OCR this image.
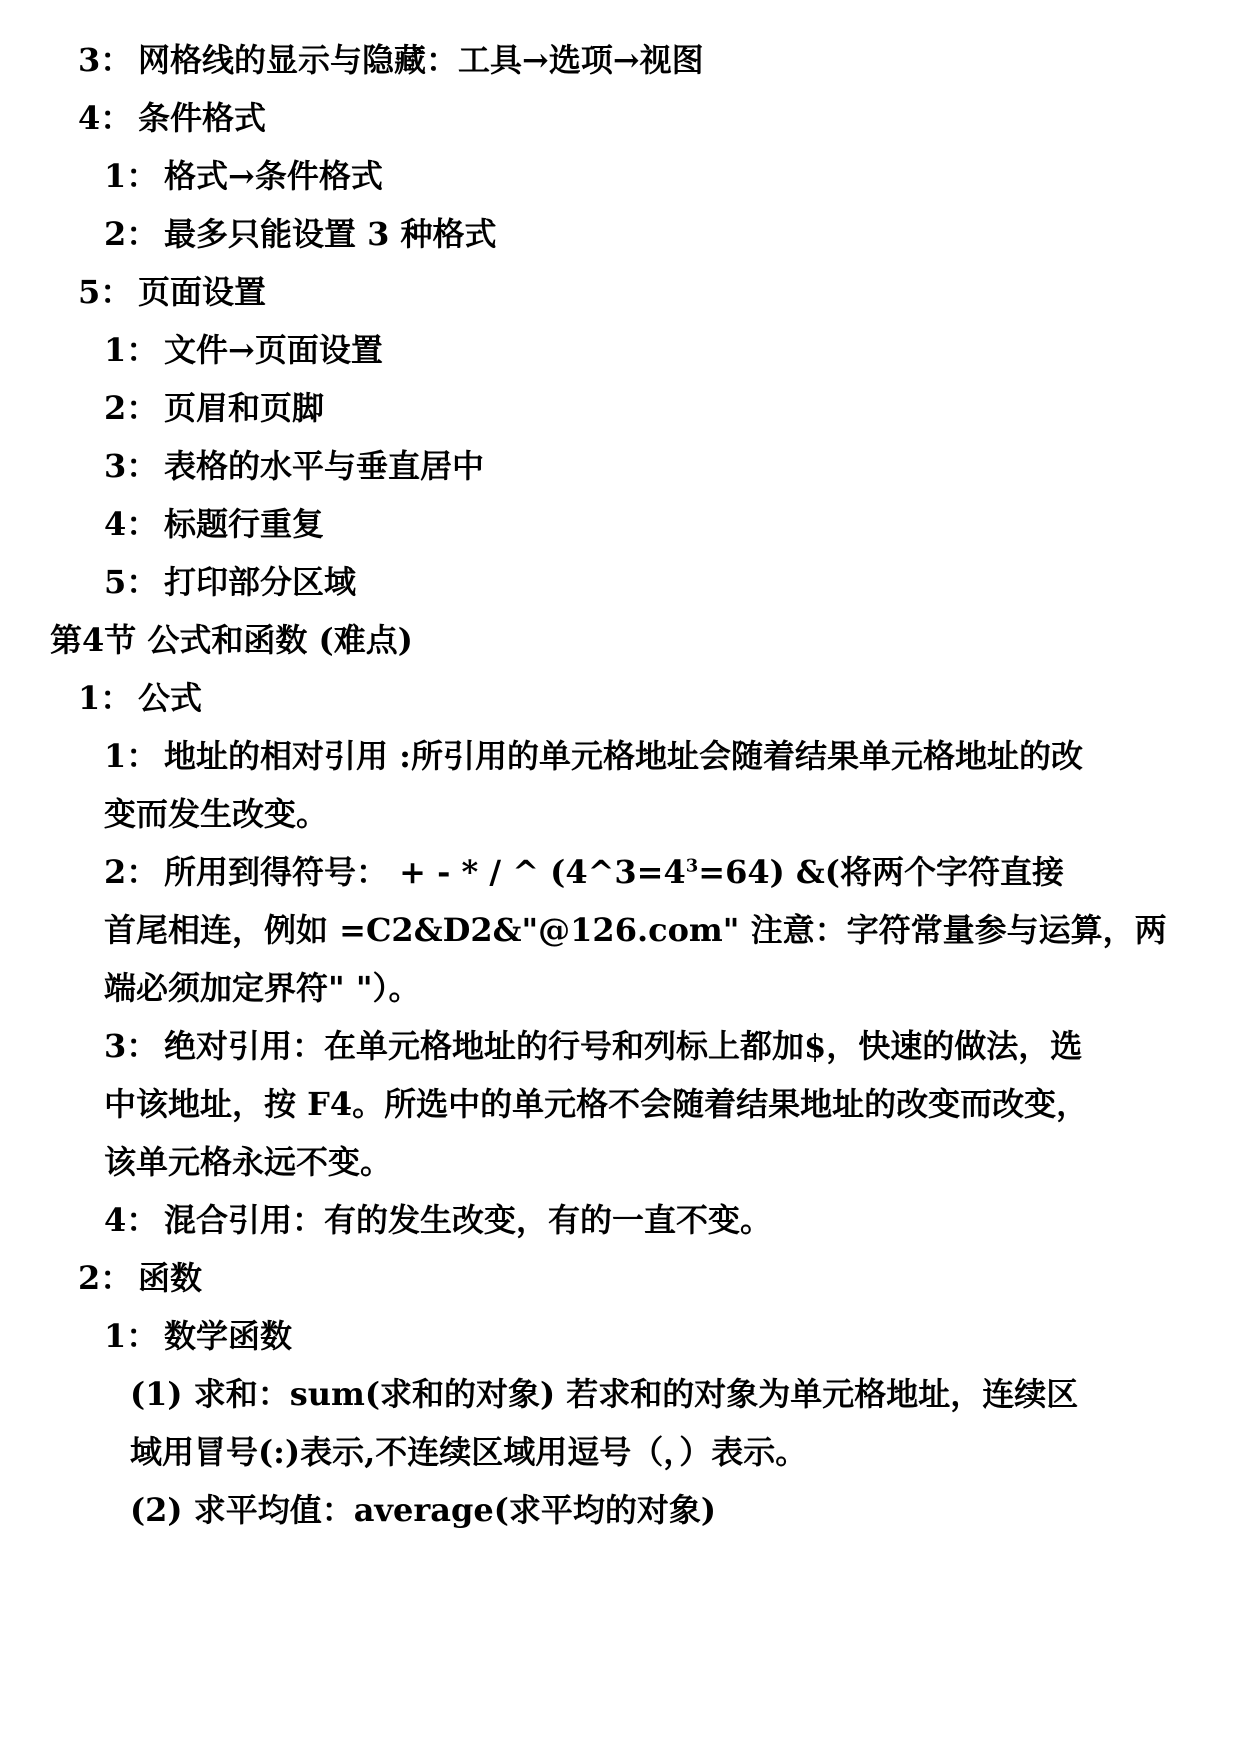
3： 网格线的显示与隐藏：工具→选项→视图
4： 条件格式
1： 格式→条件格式
2： 最多只能设置 3 种格式
5： 页面设置
1： 文件→页面设置
2： 页眉和页脚
3： 表格的水平与垂直居中
4： 标题行重复
5： 打印部分区域
第4节 公式和函数 (难点)
1： 公式
1： 地址的相对引用 :所引用的单元格地址会随着结果单元格地址的改
变而发生改变。
2： 所用到得符号： + - * / ^ $(4\^{}3=4^3=64)$ &(将两个字符直接
首尾相连，例如 =C2&D2&"@126.com" 注意：字符常量参与运算，两
端必须加定界符" "）。
3： 绝对引用：在单元格地址的行号和列标上都加$，快速的做法，选
中该地址，按 F4。所选中的单元格不会随着结果地址的改变而改变，
该单元格永远不变。
4： 混合引用：有的发生改变，有的一直不变。
2： 函数
1： 数学函数
(1) 求和：sum(求和的对象) 若求和的对象为单元格地址，连续区
域用冒号(:)表示,不连续区域用逗号（，）表示。
(2) 求平均值：average(求平均的对象)
